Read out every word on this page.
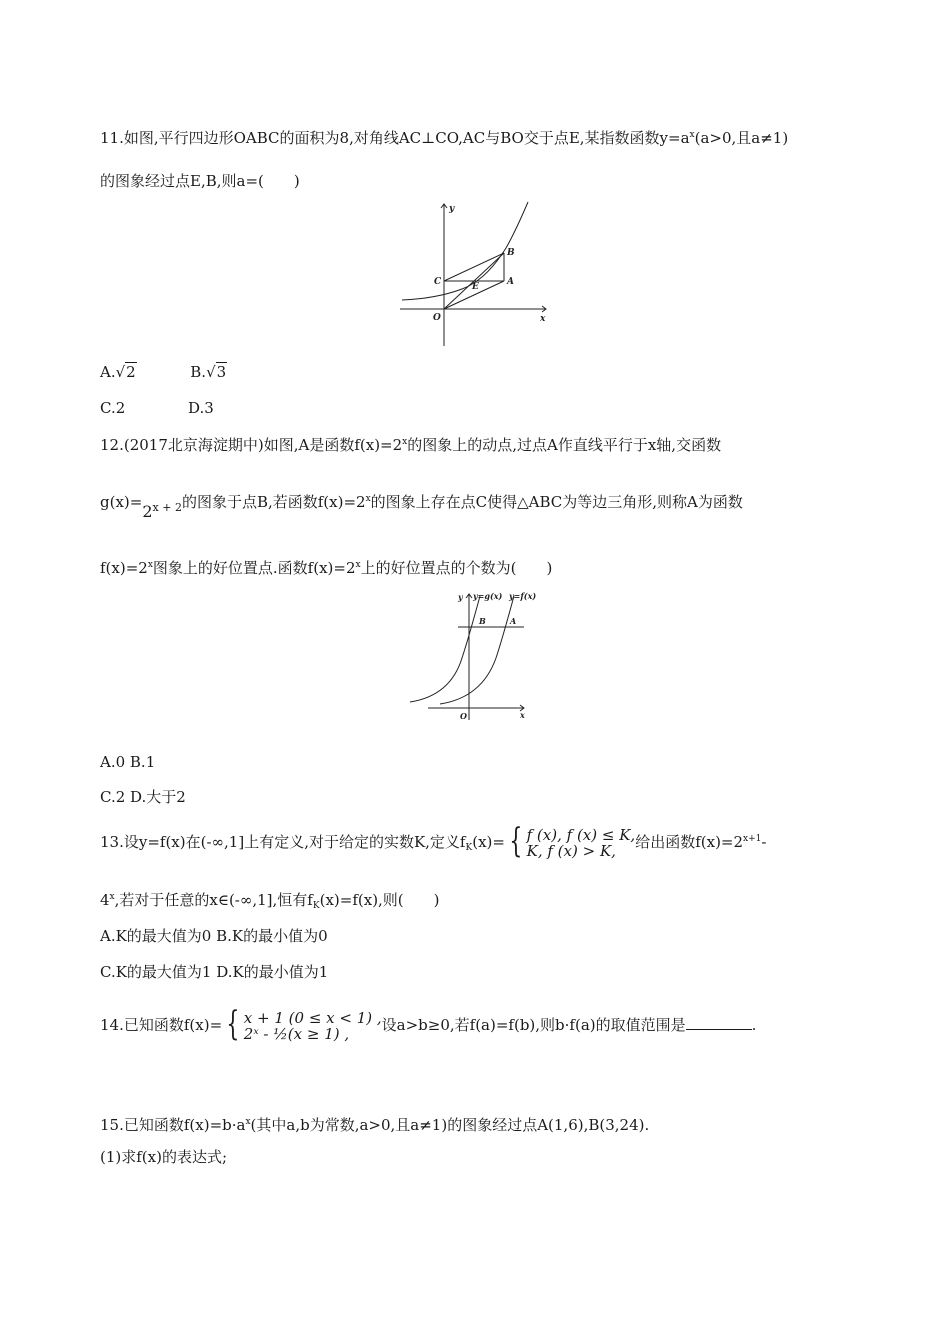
11.如图,平行四边形OABC的面积为8,对角线AC⊥CO,AC与BO交于点E,某指数函数$y=a^x(a>0$,且a≠1)
的图象经过点E,B,则a=(　　)
y
x
O
C	E	A
B
A.√2	B.√3
C.2	D.3
12.(2017北京海淀期中)如图,A是函数$f(x)=2^x$的图象上的动点,过点A作直线平行于x轴,交函数
$g(x)=2^{x + 2}$的图象于点B,若函数$f(x)=2^x$的图象上存在点C使得△ABC为等边三角形,则称A为函数
$f(x)=2^x$图象上的好位置点.函数$f(x)=2^x$上的好位置点的个数为(　　)
y y=g(x) y=f(x)
B	A
O	x
A.0 B.1
C.2 D.大于2
13.设y=f(x)在(-∞,1]上有定义,对于给定的实数K,定义$f_K(x)=$ { f (x), f (x) ≤ K,
K, f (x) > K, 给出函数$f(x)=2^{x+1}-$
4$^x$,若对于任意的x∈(-∞,1],恒有$f_K(x)=f(x)$,则(　　)
A.K的最大值为0 B.K的最小值为0
C.K的最大值为1 D.K的最小值为1
14.已知函数f(x)= { x + 1 (0 ≤ x < 1) ,
2ˣ - ½(x ≥ 1) , 设a>b≥0,若f(a)=f(b),则b·f(a)的取值范围是	.
15.已知函数$f(x)=b\cdot a^x$(其中a,b为常数,a>0,且a≠1)的图象经过点A(1,6),B(3,24).
(1)求f(x)的表达式;
